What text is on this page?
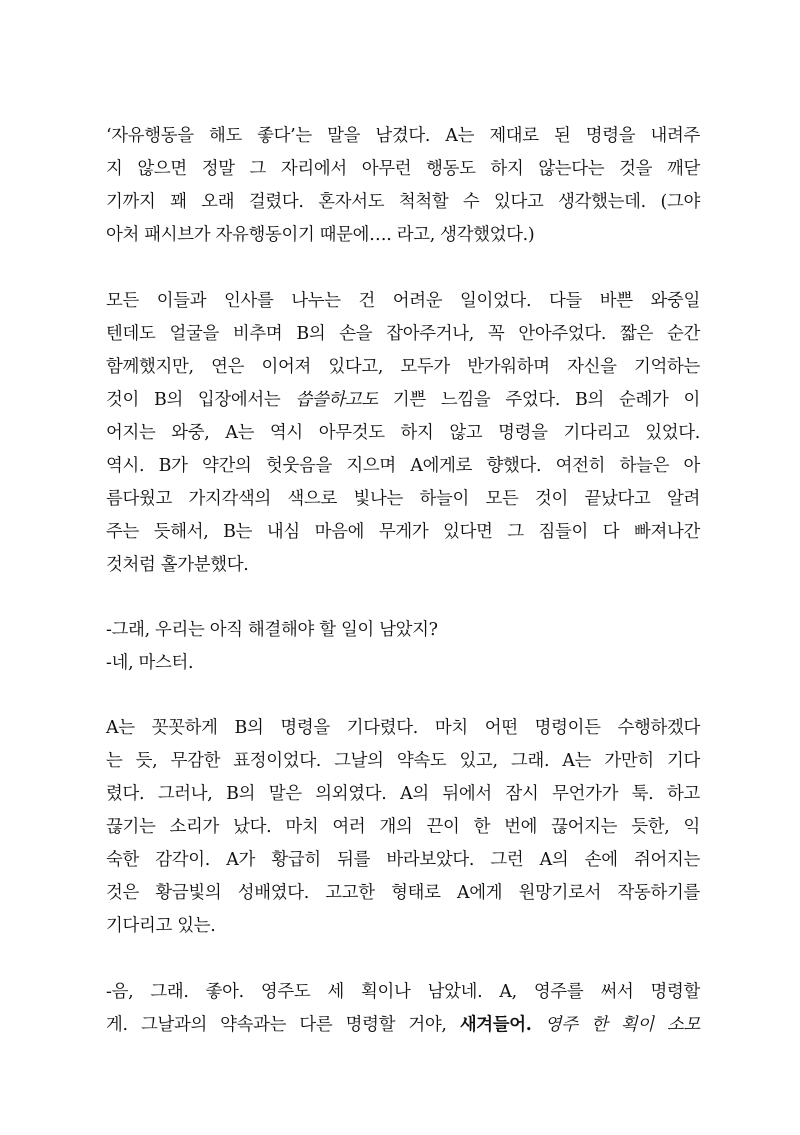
‘자유행동을 해도 좋다’는 말을 남겼다. A는 제대로 된 명령을 내려주
지 않으면 정말 그 자리에서 아무런 행동도 하지 않는다는 것을 깨닫
기까지 꽤 오래 걸렸다. 혼자서도 척척할 수 있다고 생각했는데. (그야
아처 패시브가 자유행동이기 때문에…. 라고, 생각했었다.)
모든 이들과 인사를 나누는 건 어려운 일이었다. 다들 바쁜 와중일
텐데도 얼굴을 비추며 B의 손을 잡아주거나, 꼭 안아주었다. 짧은 순간
함께했지만, 연은 이어져 있다고, 모두가 반가워하며 자신을 기억하는
것이 B의 입장에서는 씁쓸하고도 기쁜 느낌을 주었다. B의 순례가 이
어지는 와중, A는 역시 아무것도 하지 않고 명령을 기다리고 있었다.
역시. B가 약간의 헛웃음을 지으며 A에게로 향했다. 여전히 하늘은 아
름다웠고 가지각색의 색으로 빛나는 하늘이 모든 것이 끝났다고 알려
주는 듯해서, B는 내심 마음에 무게가 있다면 그 짐들이 다 빠져나간
것처럼 홀가분했다.
-그래, 우리는 아직 해결해야 할 일이 남았지?
-네, 마스터.
A는 꼿꼿하게 B의 명령을 기다렸다. 마치 어떤 명령이든 수행하겠다
는 듯, 무감한 표정이었다. 그날의 약속도 있고, 그래. A는 가만히 기다
렸다. 그러나, B의 말은 의외였다. A의 뒤에서 잠시 무언가가 툭. 하고
끊기는 소리가 났다. 마치 여러 개의 끈이 한 번에 끊어지는 듯한, 익
숙한 감각이. A가 황급히 뒤를 바라보았다. 그런 A의 손에 쥐어지는
것은 황금빛의 성배였다. 고고한 형태로 A에게 원망기로서 작동하기를
기다리고 있는.
-음, 그래. 좋아. 영주도 세 획이나 남았네. A, 영주를 써서 명령할
게. 그날과의 약속과는 다른 명령할 거야, 새겨들어. 영주 한 획이 소모
